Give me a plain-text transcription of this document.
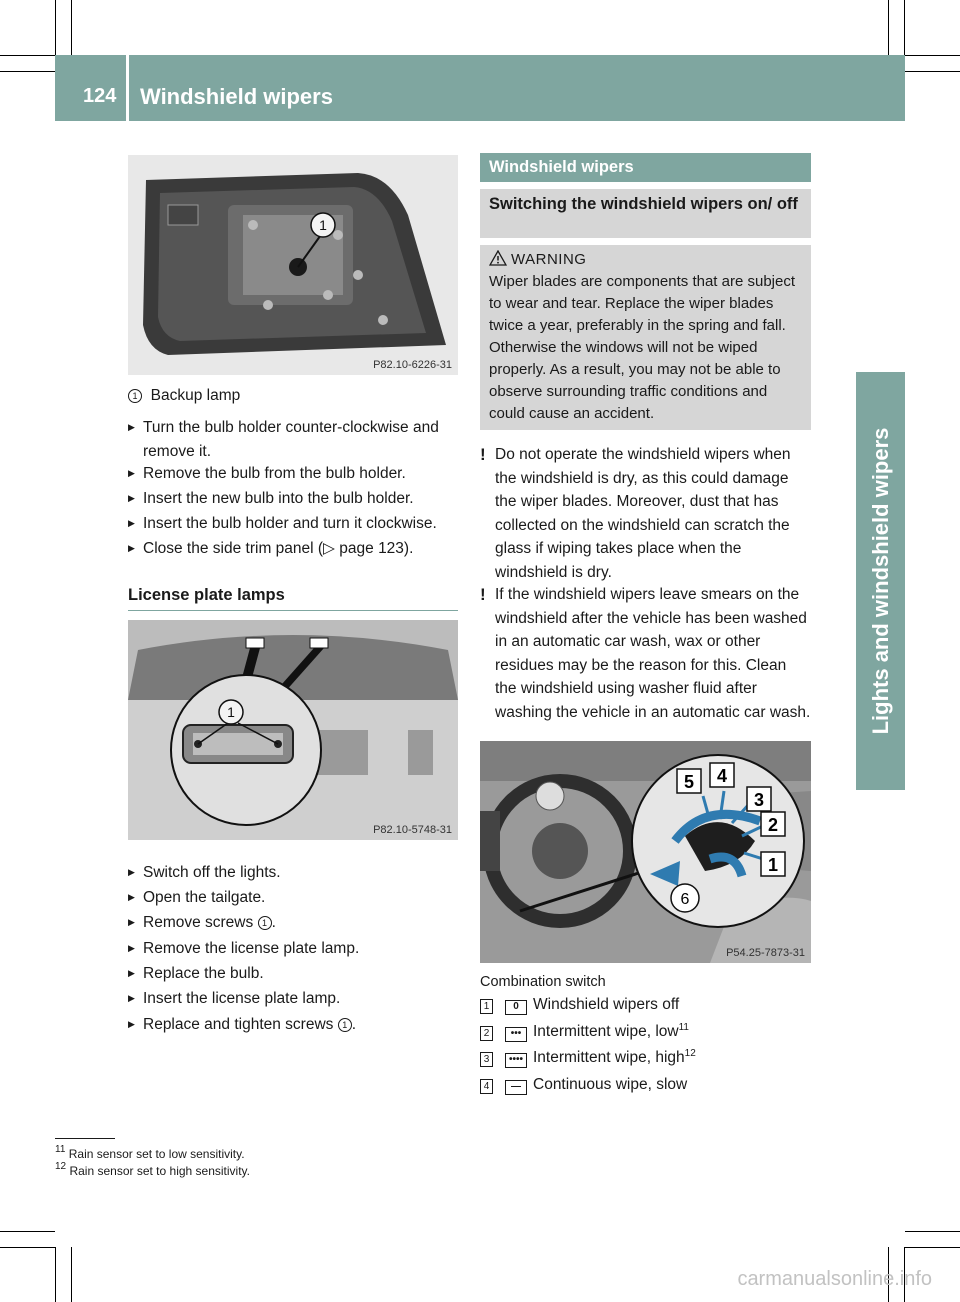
124 Windshield wipers
Lights and windshield wipers
1
P82.10-6226-31
1 Backup lamp
▶ Turn the bulb holder counter-clockwise and remove it.
▶ Remove the bulb from the bulb holder.
▶ Insert the new bulb into the bulb holder.
▶ Insert the bulb holder and turn it clockwise.
▶ Close the side trim panel (▷ page 123).
License plate lamps
1
P82.10-5748-31
▶ Switch off the lights.
▶ Open the tailgate.
▶ Remove screws 1 .
▶ Remove the license plate lamp.
▶ Replace the bulb.
▶ Insert the license plate lamp.
▶ Replace and tighten screws 1 .
Windshield wipers
Switching the windshield wipers on/ off
WARNING
Wiper blades are components that are subject to wear and tear. Replace the wiper blades twice a year, preferably in the spring and fall. Otherwise the windows will not be wiped properly. As a result, you may not be able to observe surrounding traffic conditions and could cause an accident.
! Do not operate the windshield wipers when the windshield is dry, as this could damage the wiper blades. Moreover, dust that has collected on the windshield can scratch the glass if wiping takes place when the windshield is dry.
! If the windshield wipers leave smears on the windshield after the vehicle has been washed in an automatic car wash, wax or other residues may be the reason for this. Clean the windshield using washer fluid after washing the vehicle in an automatic car wash.
5 4
3
2
1
6
P54.25-7873-31
Combination switch
1 0 Windshield wipers off
2 ••• Intermittent wipe, low$^{11}$
3 •••• Intermittent wipe, high$^{12}$
4 — Continuous wipe, slow
$^{11}$ Rain sensor set to low sensitivity.
$^{12}$ Rain sensor set to high sensitivity.
carmanualsonline.info
